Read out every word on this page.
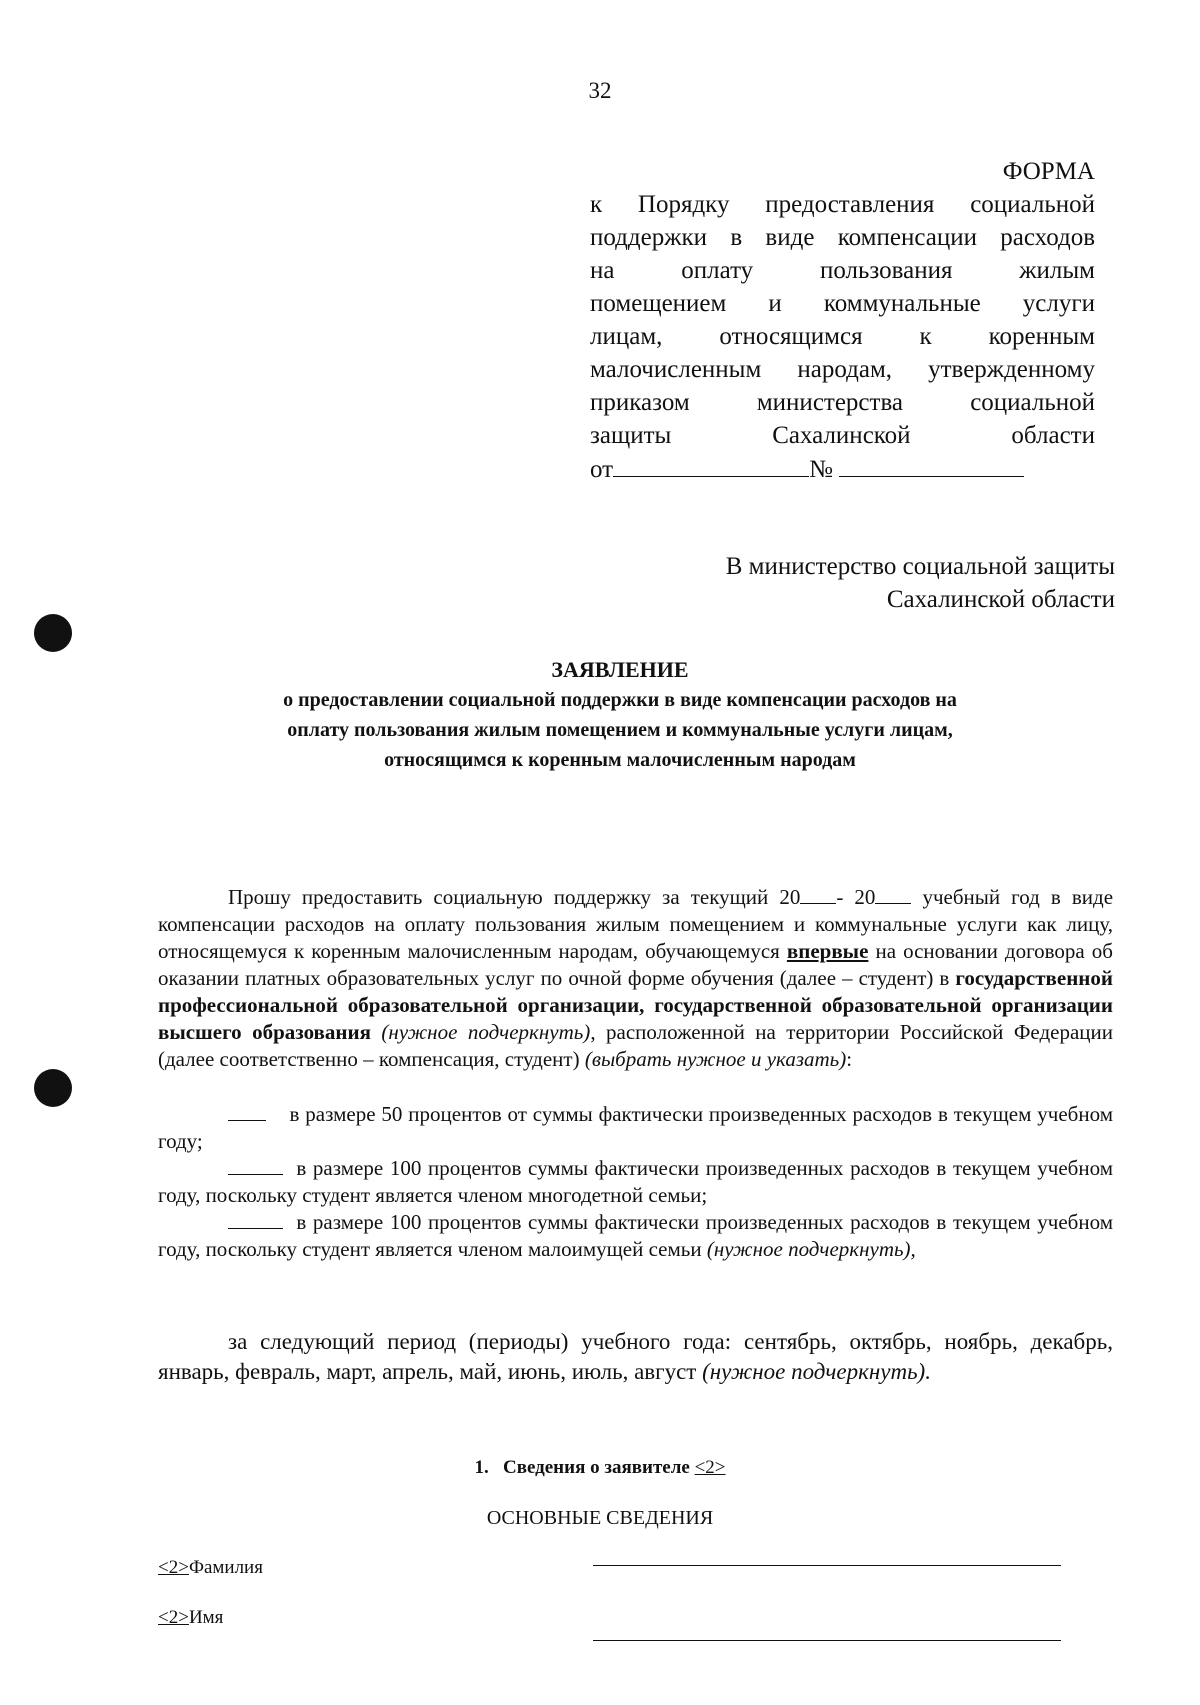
32
ФОРМА
к Порядку предоставления социальной
поддержки в виде компенсации расходов
на оплату пользования жилым
помещением и коммунальные услуги
лицам, относящимся к коренным
малочисленным народам, утвержденному
приказом министерства социальной
защиты Сахалинской области
от	№
В министерство социальной защиты
Сахалинской области
ЗАЯВЛЕНИЕ
о предоставлении социальной поддержки в виде компенсации расходов на
оплату пользования жилым помещением и коммунальные услуги лицам,
относящимся к коренным малочисленным народам

Прошу предоставить социальную поддержку за текущий 20 - 20 учебный год в виде компенсации расходов на оплату пользования жилым помещением и коммунальные услуги как лицу, относящемуся к коренным малочисленным народам, обучающемуся впервые на основании договора об оказании платных образовательных услуг по очной форме обучения (далее – студент) в государственной профессиональной образовательной организации, государственной образовательной организации высшего образования (нужное подчеркнуть), расположенной на территории Российской Федерации (далее соответственно – компенсация, студент) (выбрать нужное и указать):

в размере 50 процентов от суммы фактически произведенных расходов в текущем учебном году;

в размере 100 процентов суммы фактически произведенных расходов в текущем учебном году, поскольку студент является членом многодетной семьи;

в размере 100 процентов суммы фактически произведенных расходов в текущем учебном году, поскольку студент является членом малоимущей семьи (нужное подчеркнуть),

за следующий период (периоды) учебного года: сентябрь, октябрь, ноябрь, декабрь, январь, февраль, март, апрель, май, июнь, июль, август (нужное подчеркнуть).

1. Сведения о заявителе <2>
ОСНОВНЫЕ СВЕДЕНИЯ
<2>Фамилия
<2>Имя
